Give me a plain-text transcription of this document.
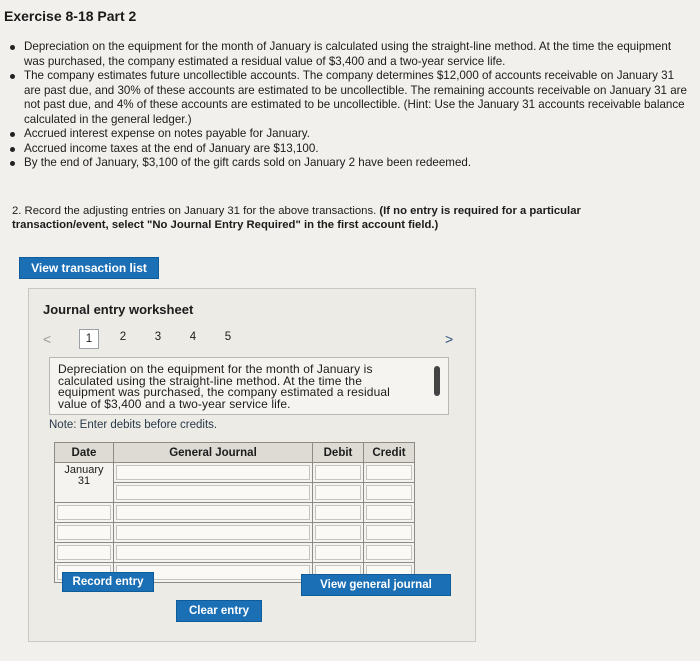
Exercise 8-18 Part 2
Depreciation on the equipment for the month of January is calculated using the straight-line method. At the time the equipment was purchased, the company estimated a residual value of $3,400 and a two-year service life.
The company estimates future uncollectible accounts. The company determines $12,000 of accounts receivable on January 31 are past due, and 30% of these accounts are estimated to be uncollectible. The remaining accounts receivable on January 31 are not past due, and 4% of these accounts are estimated to be uncollectible. (Hint: Use the January 31 accounts receivable balance calculated in the general ledger.)
Accrued interest expense on notes payable for January.
Accrued income taxes at the end of January are $13,100.
By the end of January, $3,100 of the gift cards sold on January 2 have been redeemed.
2. Record the adjusting entries on January 31 for the above transactions. (If no entry is required for a particular transaction/event, select "No Journal Entry Required" in the first account field.)
View transaction list
Journal entry worksheet
<	1	2	3	4	5	>
Depreciation on the equipment for the month of January is calculated using the straight-line method. At the time the equipment was purchased, the company estimated a residual value of $3,400 and a two-year service life.
Note: Enter debits before credits.
Date	General Journal	Debit	Credit

January
31			

Record entry	View general journal
Clear entry
